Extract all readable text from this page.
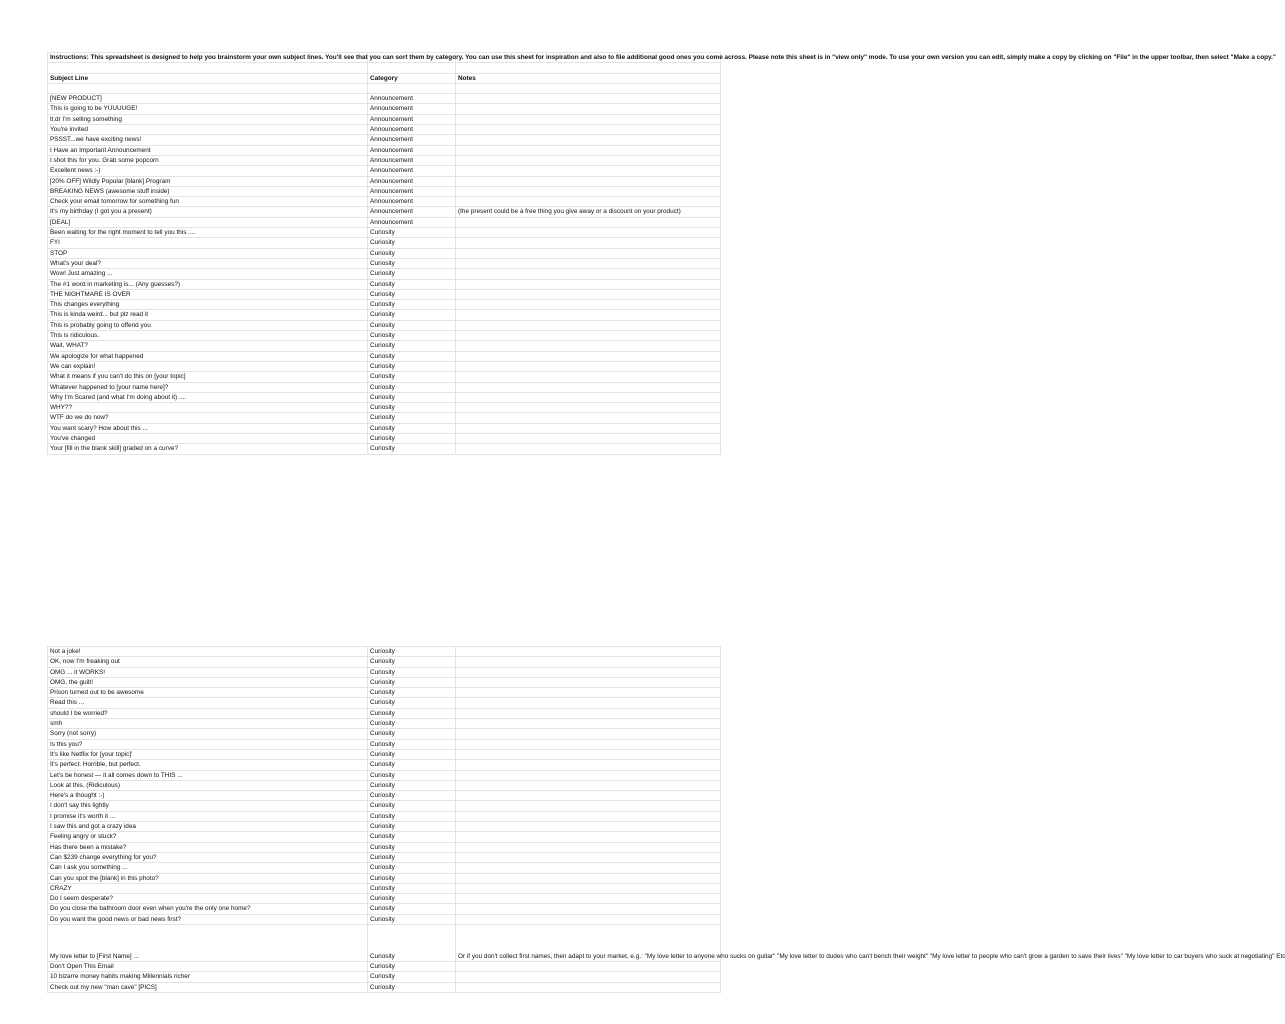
Instructions: This spreadsheet is designed to help you brainstorm your own subject lines. You'll see that you can sort them by category. You can use this sheet for inspiration and also to file additional good ones you come across. Please note this sheet is in "view only" mode. To use your own version you can edit, simply make a copy by clicking on "File" in the upper toolbar, then select "Make a copy."		

Subject Line	Category	Notes

[NEW PRODUCT]	Announcement	
This is going to be YUUUUGE!	Announcement	
tl;dr I'm selling something	Announcement	
You're invited	Announcement	
PSSST...we have exciting news!	Announcement	
I Have an Important Announcement	Announcement	
I shot this for you. Grab some popcorn	Announcement	
Excellent news :-)	Announcement	
[20% OFF] Wildly Popular [blank] Program	Announcement	
BREAKING NEWS (awesome stuff inside)	Announcement	
Check your email tomorrow for something fun	Announcement	
It's my birthday (I got you a present)	Announcement	(the present could be a free thing you give away or a discount on your product)
[DEAL]	Announcement	
Been waiting for the right moment to tell you this ....	Curiosity	
FYI	Curiosity	
STOP	Curiosity	
What's your deal?	Curiosity	
Wow! Just amazing ...	Curiosity	
The #1 word in marketing is... (Any guesses?)	Curiosity	
THE NIGHTMARE IS OVER	Curiosity	
This changes everything	Curiosity	
This is kinda weird... but plz read it	Curiosity	
This is probably going to offend you	Curiosity	
This is ridiculous.	Curiosity	
Wait, WHAT?	Curiosity	
We apologize for what happened	Curiosity	
We can explain!	Curiosity	
What it means if you can't do this on [your topic]	Curiosity	
Whatever happened to [your name here]?	Curiosity	
Why I'm Scared (and what I'm doing about it) ....	Curiosity	
WHY??	Curiosity	
WTF do we do now?	Curiosity	
You want scary? How about this ...	Curiosity	
You've changed	Curiosity	
Your [fill in the blank skill] graded on a curve?	Curiosity	
Not a joke!	Curiosity	
OK, now I'm freaking out	Curiosity	
OMG ... it WORKS!	Curiosity	
OMG, the guilt!	Curiosity	
Prison turned out to be awesome	Curiosity	
Read this ...	Curiosity	
should I be worried?	Curiosity	
smh	Curiosity	
Sorry (not sorry)	Curiosity	
Is this you?	Curiosity	
It's like Netflix for [your topic]'	Curiosity	
It's perfect. Horrible, but perfect.	Curiosity	
Let's be honest — it all comes down to THIS ...	Curiosity	
Look at this. (Ridiculous)	Curiosity	
Here's a thought :-)	Curiosity	
I don't say this lightly	Curiosity	
I promise it's worth it ...	Curiosity	
I saw this and got a crazy idea	Curiosity	
Feeling angry or stuck?	Curiosity	
Has there been a mistake?	Curiosity	
Can $239 change everything for you?	Curiosity	
Can I ask you something ...	Curiosity	
Can you spot the [blank] in this photo?	Curiosity	
CRAZY	Curiosity	
Do I seem desperate?	Curiosity	
Do you close the bathroom door even when you're the only one home?	Curiosity	
Do you want the good news or bad news first?	Curiosity	
My love letter to [First Name] ...	Curiosity	Or if you don't collect first names, then adapt to your market, e.g.: "My love letter to anyone who sucks on guitar" "My love letter to dudes who can't bench their weight" "My love letter to people who can't grow a garden to save their lives" "My love letter to car buyers who suck at negotiating" Etc
Don't Open This Email	Curiosity	
10 bizarre money habits making Millennials richer	Curiosity	
Check out my new "man cave" [PICS]	Curiosity	
